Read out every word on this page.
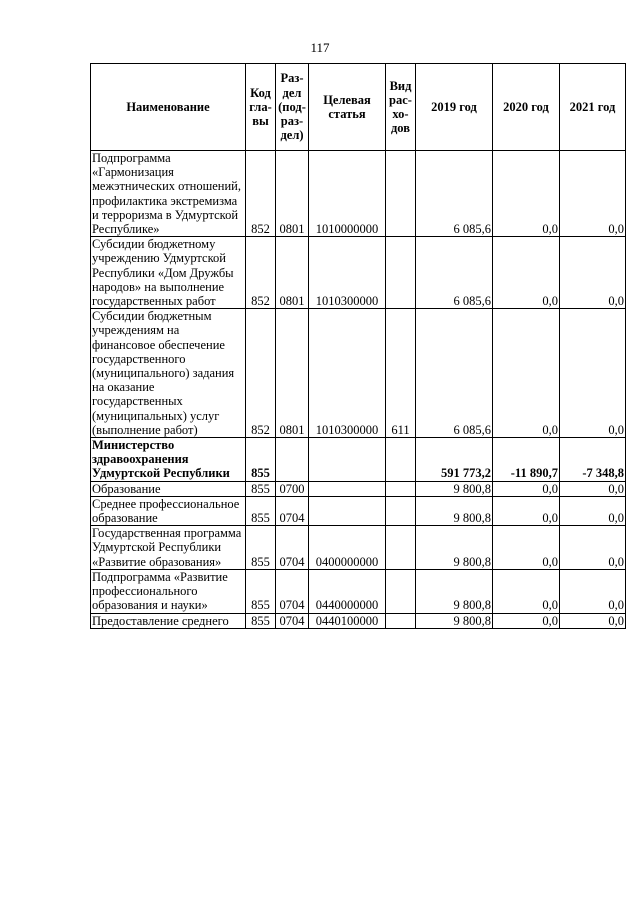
117
Наименование	Код гла-вы	Раз-дел (под-раз-дел)	Целевая статья	Вид рас-хо-дов	2019 год	2020 год	2021 год
Подпрограмма «Гармонизация межэтнических отношений, профилактика экстремизма и терроризма в Удмуртской Республике»	852	0801	1010000000		6 085,6	0,0	0,0
Субсидии бюджетному учреждению Удмуртской Республики «Дом Дружбы народов» на выполнение государственных работ	852	0801	1010300000		6 085,6	0,0	0,0
Субсидии бюджетным учреждениям на финансовое обеспечение государственного (муниципального) задания на оказание государственных (муниципальных) услуг (выполнение работ)	852	0801	1010300000	611	6 085,6	0,0	0,0
Министерство здравоохранения Удмуртской Республики	855				591 773,2	-11 890,7	-7 348,8
Образование	855	0700			9 800,8	0,0	0,0
Среднее профессиональное образование	855	0704			9 800,8	0,0	0,0
Государственная программа Удмуртской Республики «Развитие образования»	855	0704	0400000000		9 800,8	0,0	0,0
Подпрограмма «Развитие профессионального образования и науки»	855	0704	0440000000		9 800,8	0,0	0,0
Предоставление среднего	855	0704	0440100000		9 800,8	0,0	0,0
